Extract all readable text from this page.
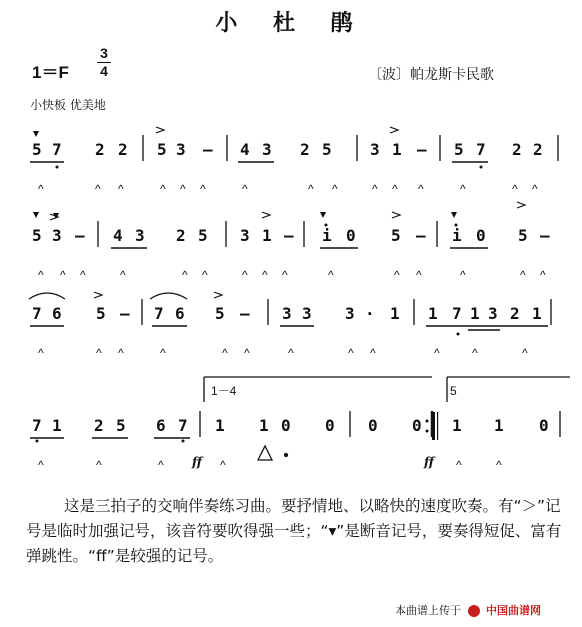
小 杜 鹃
1＝F
3
4	〔波〕帕龙斯卡民歌
小快板 优美地
5 7 2 2 5 3 – 4 3 2 5 3 1 – 5 7 2 2
^	^ ^	^ ^ ^	^	^ ^	^ ^ ^	^	^ ^
5 3 – 4 3 2 5 3 1 – i 0 5 – i 0 5 –
^ ^ ^	^	^ ^	^ ^ ^	^	^ ^	^	^ ^
7 6 5 – 7 6 5 – 3 3 3 · 1 1 7 1 3 2 1
^	^ ^	^	^ ^	^	^ ^	^	^	^
7 1 2 5 6 7 1 1 0 0 0 0 1 1 0
^	^	^	^	^	^
1－4	5
ff	ff

这是三拍子的交响伴奏练习曲。要抒情地、以略快的速度吹奏。有“＞”记号是临时加强记号，该音符要吹得强一些；“▾”是断音记号，要奏得短促、富有弹跳性。“ff”是较强的记号。

本曲谱上传于 中国曲谱网
